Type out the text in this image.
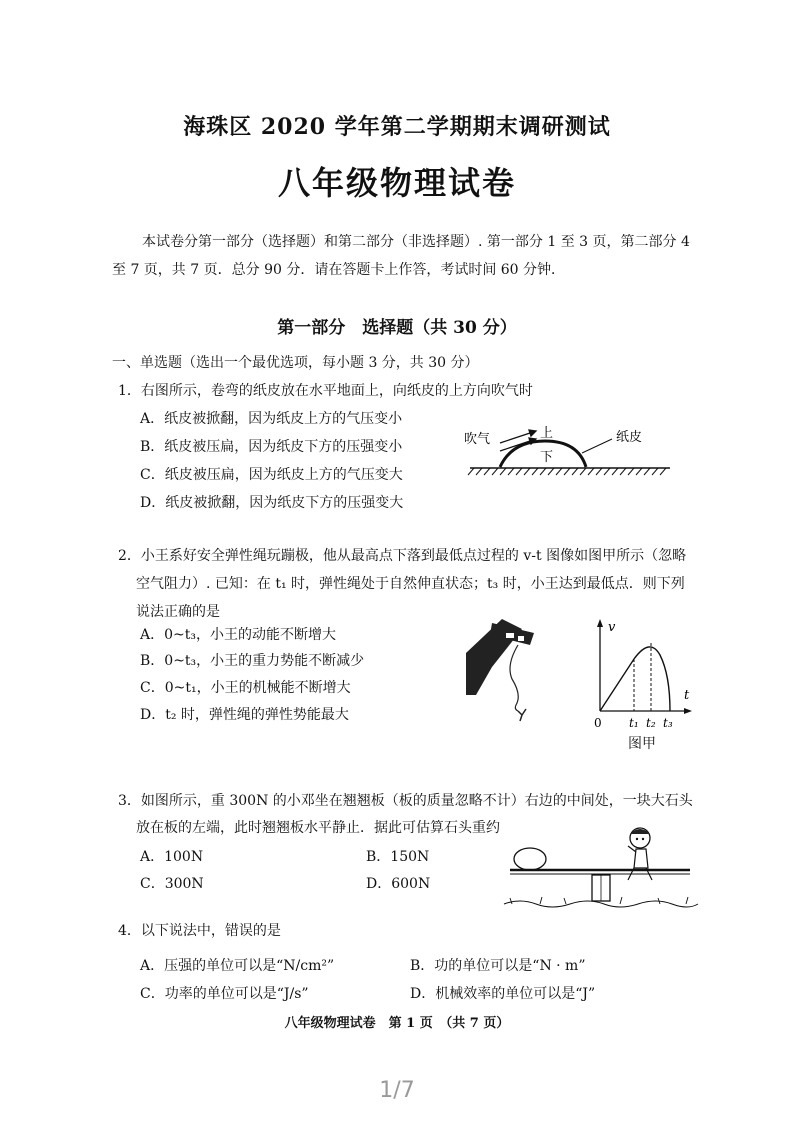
海珠区 2020 学年第二学期期末调研测试
八年级物理试卷

本试卷分第一部分（选择题）和第二部分（非选择题）. 第一部分 1 至 3 页，第二部分 4

至 7 页，共 7 页．总分 90 分．请在答题卡上作答，考试时间 60 分钟．

第一部分　选择题（共 30 分）
一、单选题（选出一个最优选项，每小题 3 分，共 30 分）
1．右图所示，卷弯的纸皮放在水平地面上，向纸皮的上方向吹气时
A．纸皮被掀翻，因为纸皮上方的气压变小
B．纸皮被压扁，因为纸皮下方的压强变小
C．纸皮被压扁，因为纸皮上方的气压变大
D．纸皮被掀翻，因为纸皮下方的压强变大
吹气	上
下
纸皮
2．小王系好安全弹性绳玩蹦极，他从最高点下落到最低点过程的 v-t 图像如图甲所示（忽略
空气阻力）. 已知：在 t₁ 时，弹性绳处于自然伸直状态；t₃ 时，小王达到最低点．则下列
说法正确的是
A．0~t₃，小王的动能不断增大
B．0~t₃，小王的重力势能不断减少
C．0~t₁，小王的机械能不断增大
D．t₂ 时，弹性绳的弹性势能最大
v
t
0 t₁ t₂ t₃
图甲
3．如图所示，重 300N 的小邓坐在翘翘板（板的质量忽略不计）右边的中间处，一块大石头
放在板的左端，此时翘翘板水平静止．据此可估算石头重约
A．100N	B．150N
C．300N	D．600N
4．以下说法中，错误的是
A．压强的单位可以是“N/cm²”	B．功的单位可以是“N · m”
C．功率的单位可以是“J/s”	D．机械效率的单位可以是“J”
八年级物理试卷　第 1 页　（共 7 页）
1/7
